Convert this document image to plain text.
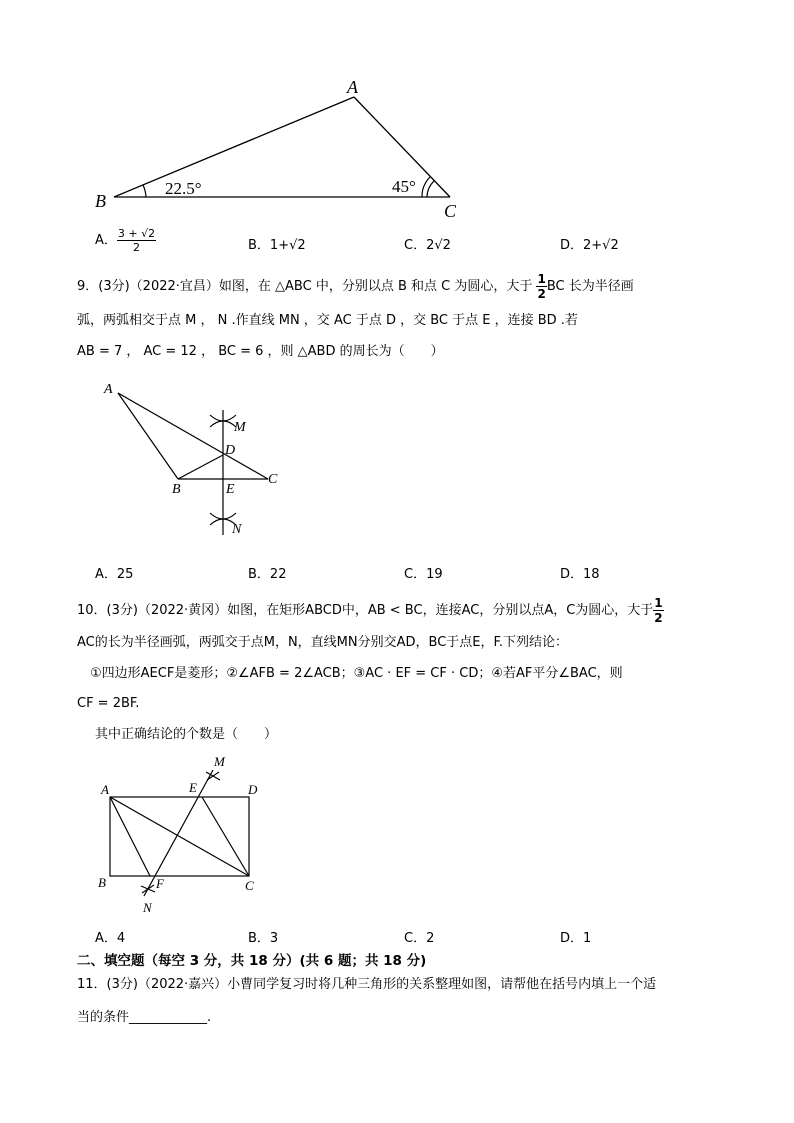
A
B	C
22.5°	45°
A． $\frac{3 + √2}{2}$	B．1+√2	C．2√2	D．2+√2
9．(3分)（2022·宜昌）如图，在 △ABC 中，分别以点 B 和点 C 为圆心，大于 $\frac{1}{2}$ BC 长为半径画
弧，两弧相交于点 M ， N .作直线 MN ，交 AC 于点 D ，交 BC 于点 E ，连接 BD .若
AB = 7 ， AC = 12 ， BC = 6 ，则 △ABD 的周长为（　　）
A
B
C
D
E
M
N
A．25	B．22	C．19	D．18
10．(3分)（2022·黄冈）如图，在矩形ABCD中，AB < BC，连接AC，分别以点A，C为圆心，大于 $\frac{1}{2}$
AC的长为半径画弧，两弧交于点M，N，直线MN分别交AD，BC于点E，F.下列结论：
①四边形AECF是菱形；②∠AFB = 2∠ACB；③AC · EF = CF · CD；④若AF平分∠BAC，则
CF = 2BF.
其中正确结论的个数是（　　）
A
B	C
D
E
F
M
N
A．4	B．3	C．2	D．1
二、填空题（每空 3 分，共 18 分）(共 6 题；共 18 分)
11．(3分)（2022·嘉兴）小曹同学复习时将几种三角形的关系整理如图，请帮他在括号内填上一个适
当的条件____________.
